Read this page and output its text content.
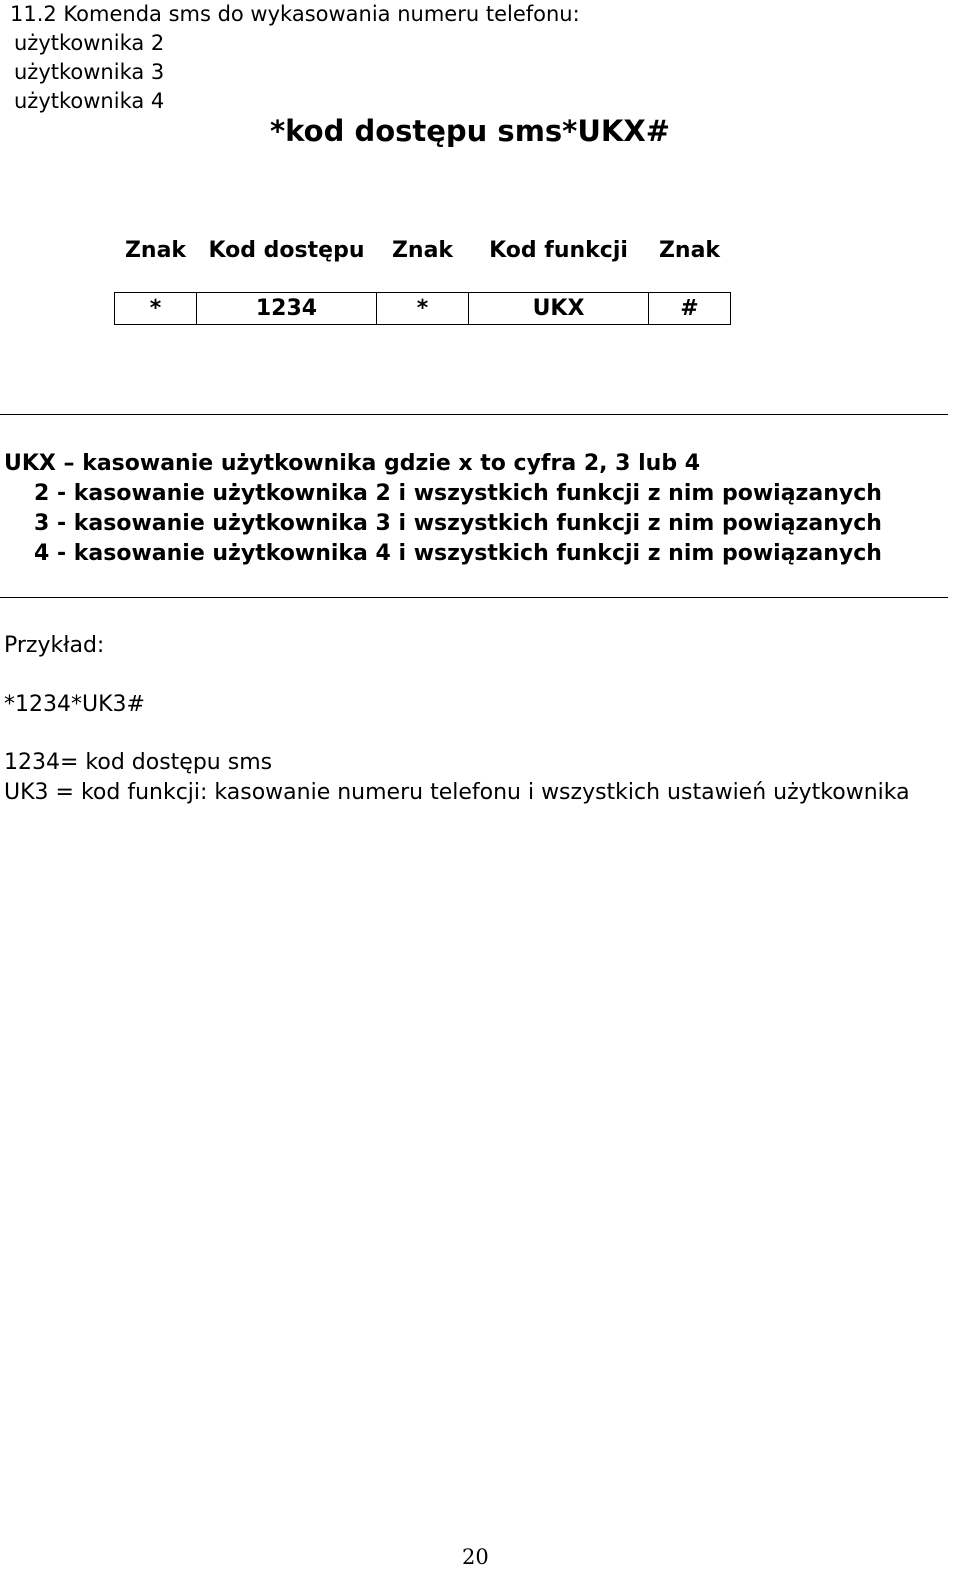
11.2 Komenda sms do wykasowania numeru telefonu:
użytkownika 2
użytkownika 3
użytkownika 4
*kod dostępu sms*UKX#
Znak	Kod dostępu	Znak	Kod funkcji	Znak

*	1234	*	UKX	#
UKX – kasowanie użytkownika gdzie x to cyfra 2, 3 lub 4
2 - kasowanie użytkownika 2 i wszystkich funkcji z nim powiązanych
3 - kasowanie użytkownika 3 i wszystkich funkcji z nim powiązanych
4 - kasowanie użytkownika 4 i wszystkich funkcji z nim powiązanych
Przykład:
*1234*UK3#
1234= kod dostępu sms
UK3 = kod funkcji: kasowanie numeru telefonu i wszystkich ustawień użytkownika
20
